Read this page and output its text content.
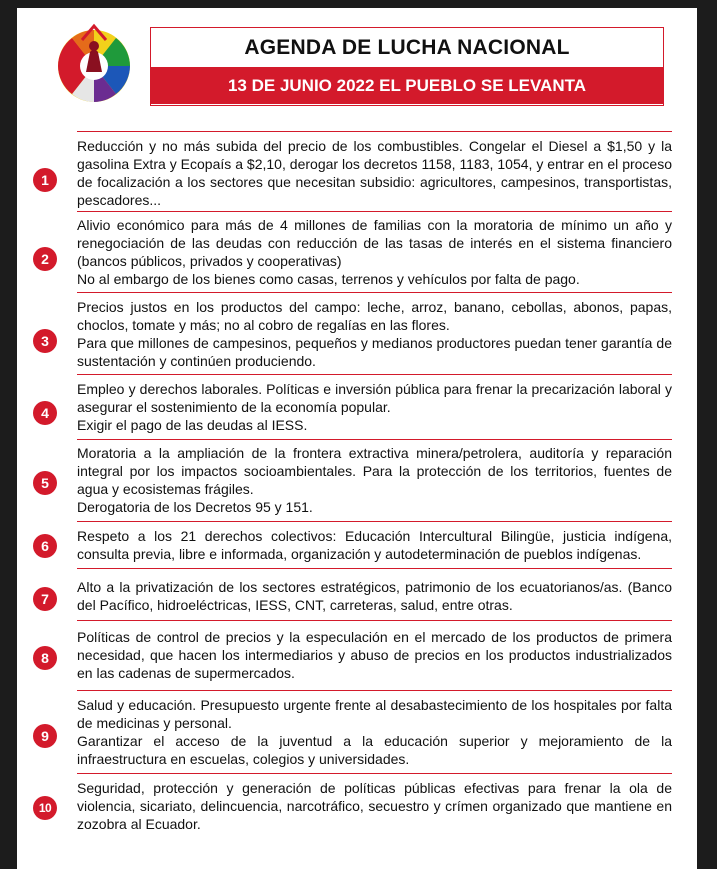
AGENDA DE LUCHA NACIONAL
13 DE JUNIO 2022 EL PUEBLO SE LEVANTA
1

Reducción y no más subida del precio de los combustibles. Congelar el Diesel a $1,50 y la gasolina Extra y Ecopaís a $2,10, derogar los decretos 1158, 1183, 1054, y entrar en el proceso de focalización a los sectores que necesitan subsidio: agricultores, campesinos, transportistas, pescadores...

2

Alivio económico para más de 4 millones de familias con la moratoria de mínimo un año y renegociación de las deudas con reducción de las tasas de interés en el sistema financiero (bancos públicos, privados y cooperativas)

No al embargo de los bienes como casas, terrenos y vehículos por falta de pago.

3

Precios justos en los productos del campo: leche, arroz, banano, cebollas, abonos, papas, choclos, tomate y más; no al cobro de regalías en las flores.

Para que millones de campesinos, pequeños y medianos productores puedan tener garantía de sustentación y continúen produciendo.

4

Empleo y derechos laborales. Políticas e inversión pública para frenar la precarización laboral y asegurar el sostenimiento de la economía popular.

Exigir el pago de las deudas al IESS.

5

Moratoria a la ampliación de la frontera extractiva minera/petrolera, auditoría y reparación integral por los impactos socioambientales. Para la protección de los territorios, fuentes de agua y ecosistemas frágiles.

Derogatoria de los Decretos 95 y 151.

6

Respeto a los 21 derechos colectivos: Educación Intercultural Bilingüe, justicia indígena, consulta previa, libre e informada, organización y autodeterminación de pueblos indígenas.

7

Alto a la privatización de los sectores estratégicos, patrimonio de los ecuatorianos/as. (Banco del Pacífico, hidroeléctricas, IESS, CNT, carreteras, salud, entre otras.

8

Políticas de control de precios y la especulación en el mercado de los productos de primera necesidad, que hacen los intermediarios y abuso de precios en los productos industrializados en las cadenas de supermercados.

9

Salud y educación. Presupuesto urgente frente al desabastecimiento de los hospitales por falta de medicinas y personal.

Garantizar el acceso de la juventud a la educación superior y mejoramiento de la infraestructura en escuelas, colegios y universidades.

10

Seguridad, protección y generación de políticas públicas efectivas para frenar la ola de violencia, sicariato, delincuencia, narcotráfico, secuestro y crímen organizado que mantiene en zozobra al Ecuador.
